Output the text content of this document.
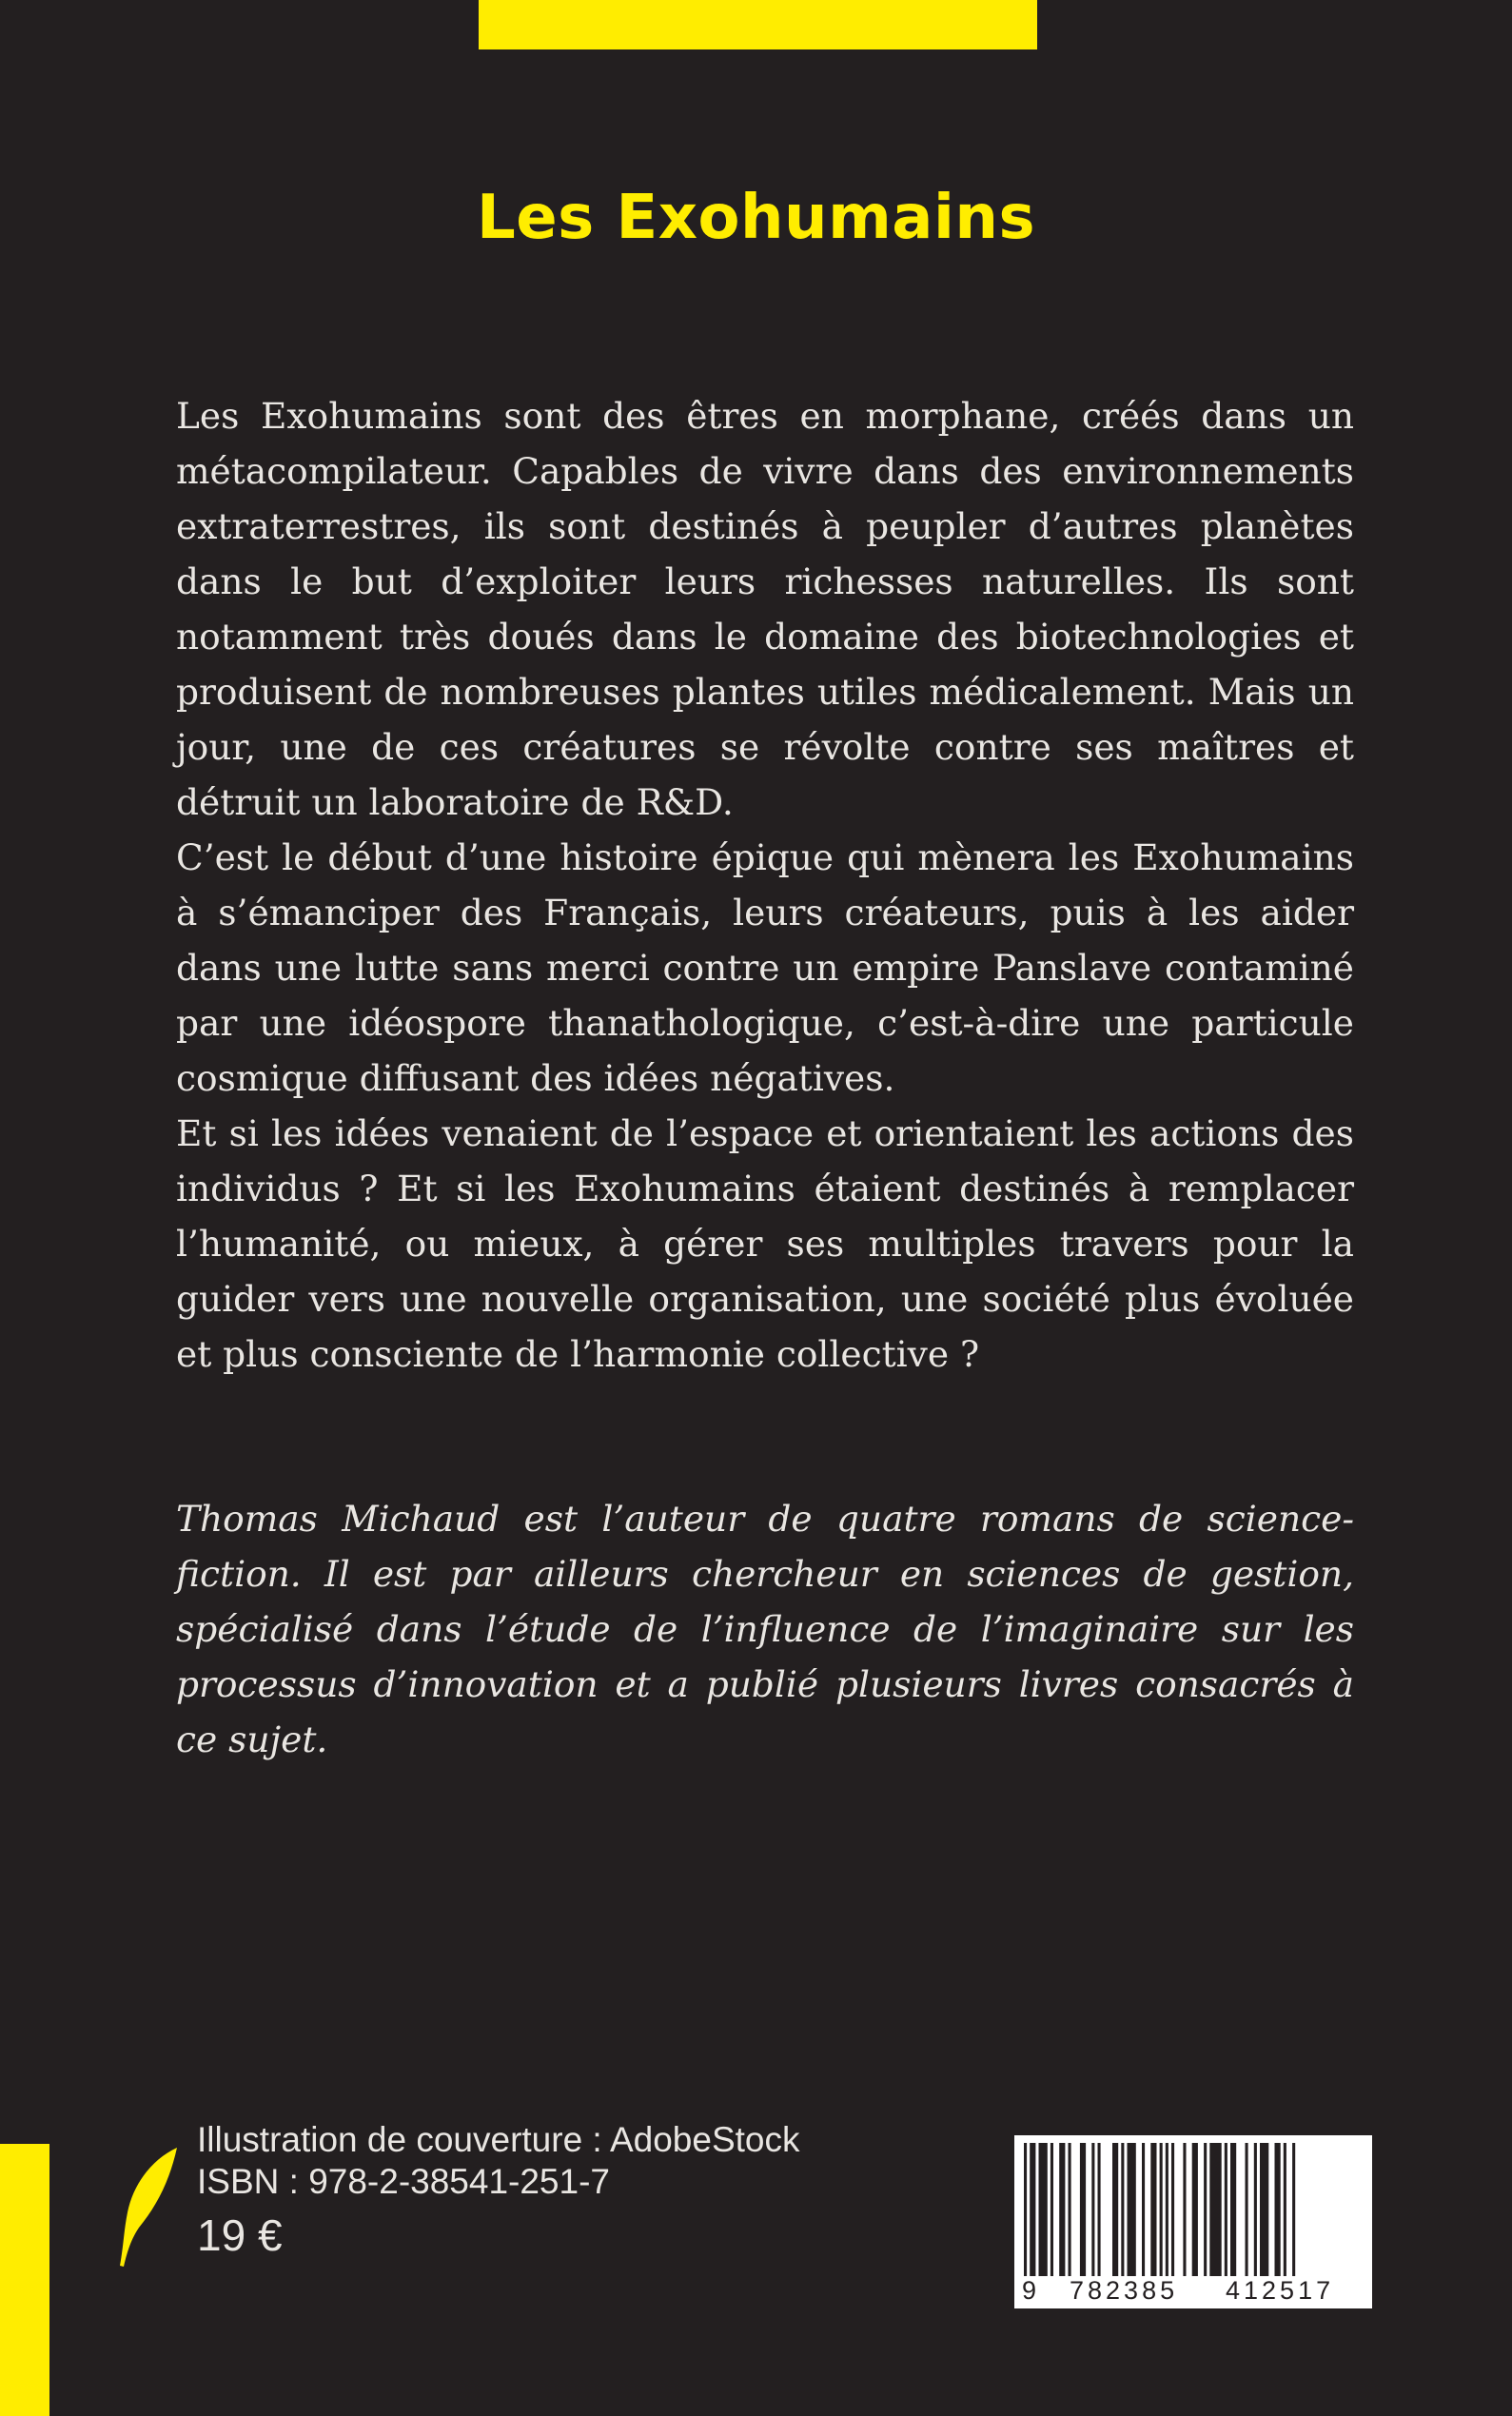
Les Exohumains

Les Exohumains sont des êtres en morphane, créés dans un métacompilateur. Capables de vivre dans des environnements extraterrestres, ils sont destinés à peupler d’autres planètes dans le but d’exploiter leurs richesses naturelles. Ils sont notamment très doués dans le domaine des biotechnologies et produisent de nombreuses plantes utiles médicalement. Mais un jour, une de ces créatures se révolte contre ses maîtres et détruit un laboratoire de R&D.

C’est le début d’une histoire épique qui mènera les Exohumains à s’émanciper des Français, leurs créateurs, puis à les aider dans une lutte sans merci contre un empire Panslave contaminé par une idéospore thanathologique, c’est-à-dire une particule cosmique diffusant des idées négatives.

Et si les idées venaient de l’espace et orientaient les actions des individus ? Et si les Exohumains étaient destinés à remplacer l’humanité, ou mieux, à gérer ses multiples travers pour la guider vers une nouvelle organisation, une société plus évoluée et plus consciente de l’harmonie collective ?

Thomas Michaud est l’auteur de quatre romans de science-fiction. Il est par ailleurs chercheur en sciences de gestion, spécialisé dans l’étude de l’influence de l’imaginaire sur les processus d’innovation et a publié plusieurs livres consacrés à ce sujet.

Illustration de couverture : AdobeStock
ISBN : 978-2-38541-251-7
19 €
9 782385 412517
